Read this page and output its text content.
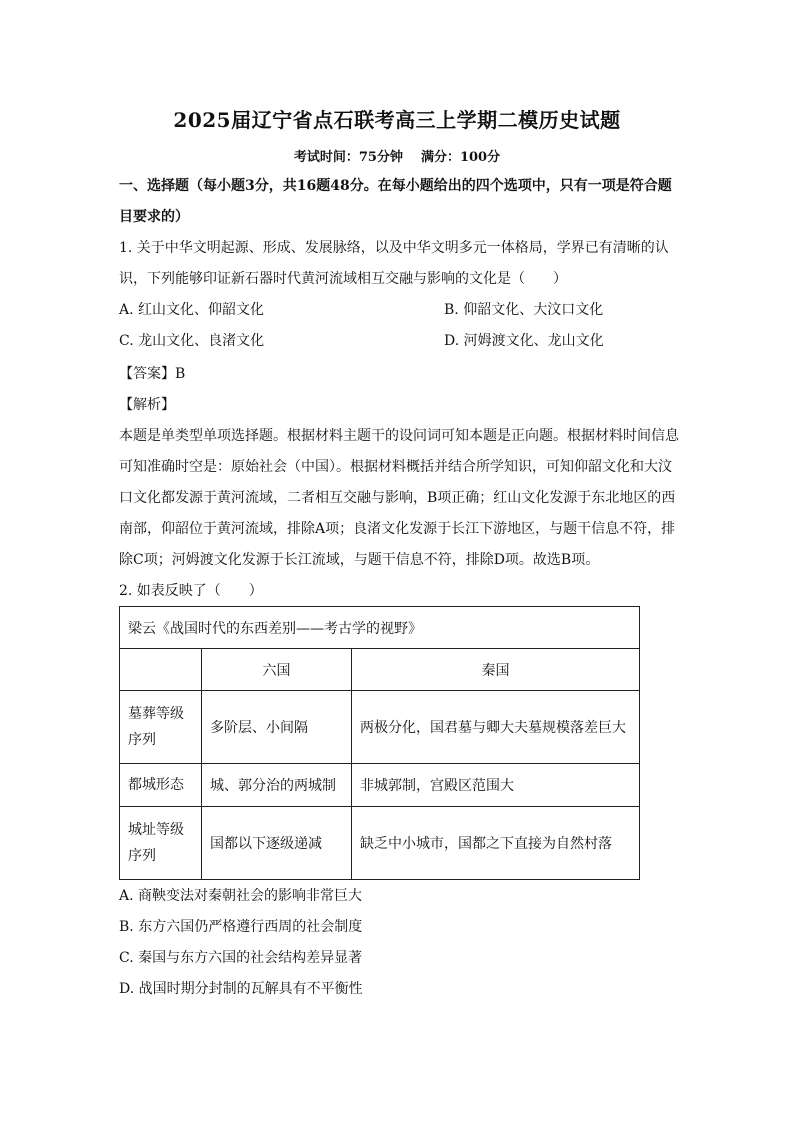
2025届辽宁省点石联考高三上学期二模历史试题
考试时间：75分钟 满分：100分
一、选择题（每小题3分，共16题48分。在每小题给出的四个选项中，只有一项是符合题目要求的）
1. 关于中华文明起源、形成、发展脉络，以及中华文明多元一体格局，学界已有清晰的认识，下列能够印证新石器时代黄河流域相互交融与影响的文化是（　　）
A. 红山文化、仰韶文化	B. 仰韶文化、大汶口文化
C. 龙山文化、良渚文化	D. 河姆渡文化、龙山文化
【答案】B
【解析】
本题是单类型单项选择题。根据材料主题干的设问词可知本题是正向题。根据材料时间信息可知准确时空是：原始社会（中国）。根据材料概括并结合所学知识，可知仰韶文化和大汶口文化都发源于黄河流域，二者相互交融与影响，B项正确；红山文化发源于东北地区的西南部，仰韶位于黄河流域，排除A项；良渚文化发源于长江下游地区，与题干信息不符，排除C项；河姆渡文化发源于长江流域，与题干信息不符，排除D项。故选B项。
2. 如表反映了（　　）
梁云《战国时代的东西差别——考古学的视野》		
	六国	秦国
墓葬等级序列	多阶层、小间隔	两极分化，国君墓与卿大夫墓规模落差巨大
都城形态	城、郭分治的两城制	非城郭制，宫殿区范围大
城址等级序列	国都以下逐级递减	缺乏中小城市，国都之下直接为自然村落
A. 商鞅变法对秦朝社会的影响非常巨大
B. 东方六国仍严格遵行西周的社会制度
C. 秦国与东方六国的社会结构差异显著
D. 战国时期分封制的瓦解具有不平衡性
